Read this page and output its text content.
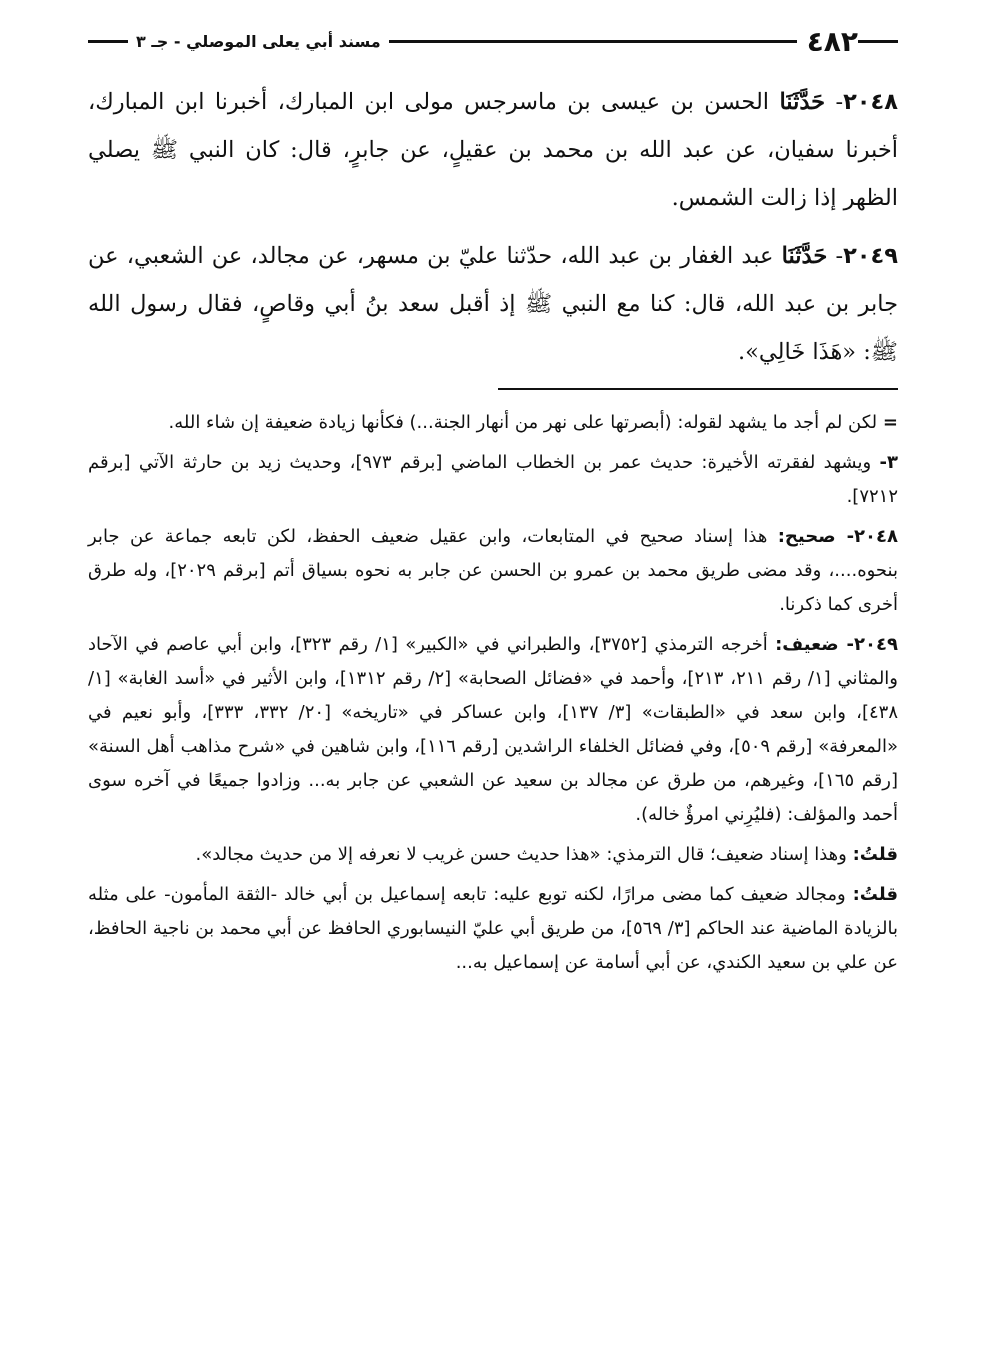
٤٨٢
مسند أبي يعلى الموصلي - جـ ٣

٢٠٤٨- حَدَّثَنَا الحسن بن عيسى بن ماسرجس مولى ابن المبارك، أخبرنا ابن المبارك، أخبرنا سفيان، عن عبد الله بن محمد بن عقيلٍ، عن جابرٍ، قال: كان النبي ﷺ يصلي الظهر إذا زالت الشمس.

٢٠٤٩- حَدَّثَنَا عبد الغفار بن عبد الله، حدّثنا عليّ بن مسهر، عن مجالد، عن الشعبي، عن جابر بن عبد الله، قال: كنا مع النبي ﷺ إذ أقبل سعد بنُ أبي وقاصٍ، فقال رسول الله ﷺ: «هَذَا خَالِي».

= لكن لم أجد ما يشهد لقوله: (أبصرتها على نهر من أنهار الجنة...) فكأنها زيادة ضعيفة إن شاء الله.

٣- ويشهد لفقرته الأخيرة: حديث عمر بن الخطاب الماضي [برقم ٩٧٣]، وحديث زيد بن حارثة الآتي [برقم ٧٢١٢].

٢٠٤٨- صحيح: هذا إسناد صحيح في المتابعات، وابن عقيل ضعيف الحفظ، لكن تابعه جماعة عن جابر بنحوه....، وقد مضى طريق محمد بن عمرو بن الحسن عن جابر به نحوه بسياق أتم [برقم ٢٠٢٩]، وله طرق أخرى كما ذكرنا.

٢٠٤٩- ضعيف: أخرجه الترمذي [٣٧٥٢]، والطبراني في «الكبير» [١/ رقم ٣٢٣]، وابن أبي عاصم في الآحاد والمثاني [١/ رقم ٢١١، ٢١٣]، وأحمد في «فضائل الصحابة» [٢/ رقم ١٣١٢]، وابن الأثير في «أسد الغابة» [١/ ٤٣٨]، وابن سعد في «الطبقات» [٣/ ١٣٧]، وابن عساكر في «تاريخه» [٢٠/ ٣٣٢، ٣٣٣]، وأبو نعيم في «المعرفة» [رقم ٥٠٩]، وفي فضائل الخلفاء الراشدين [رقم ١١٦]، وابن شاهين في «شرح مذاهب أهل السنة» [رقم ١٦٥]، وغيرهم، من طرق عن مجالد بن سعيد عن الشعبي عن جابر به... وزادوا جميعًا في آخره سوى أحمد والمؤلف: (فليُرِني امرؤٌ خاله).

قلتُ: وهذا إسناد ضعيف؛ قال الترمذي: «هذا حديث حسن غريب لا نعرفه إلا من حديث مجالد».

قلتُ: ومجالد ضعيف كما مضى مرارًا، لكنه توبع عليه: تابعه إسماعيل بن أبي خالد -الثقة المأمون- على مثله بالزيادة الماضية عند الحاكم [٣/ ٥٦٩]، من طريق أبي عليّ النيسابوري الحافظ عن أبي محمد بن ناجية الحافظ، عن علي بن سعيد الكندي، عن أبي أسامة عن إسماعيل به...
